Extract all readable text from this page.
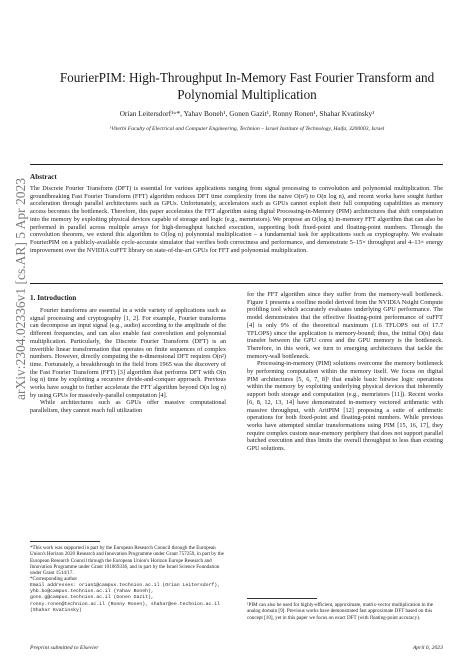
arXiv:2304.02336v1 [cs.AR] 5 Apr 2023
FourierPIM: High-Throughput In-Memory Fast Fourier Transform and Polynomial Multiplication
Orian Leitersdorf¹ʷ*, Yahav Boneh¹, Gonen Gazit¹, Ronny Ronen¹, Shahar Kvatinsky¹
¹Viterbi Faculty of Electrical and Computer Engineering, Technion – Israel Institute of Technology, Haifa, 3200003, Israel
Abstract
The Discrete Fourier Transform (DFT) is essential for various applications ranging from signal processing to convolution and polynomial multiplication. The groundbreaking Fast Fourier Transform (FFT) algorithm reduces DFT time complexity from the naive O(n²) to O(n log n), and recent works have sought further acceleration through parallel architectures such as GPUs. Unfortunately, accelerators such as GPUs cannot exploit their full computing capabilities as memory access becomes the bottleneck. Therefore, this paper accelerates the FFT algorithm using digital Processing-in-Memory (PIM) architectures that shift computation into the memory by exploiting physical devices capable of storage and logic (e.g., memristors). We propose an O(log n) in-memory FFT algorithm that can also be performed in parallel across multiple arrays for high-throughput batched execution, supporting both fixed-point and floating-point numbers. Through the convolution theorem, we extend this algorithm to O(log n) polynomial multiplication – a fundamental task for applications such as cryptography. We evaluate FourierPIM on a publicly-available cycle-accurate simulator that verifies both correctness and performance, and demonstrate 5–15× throughput and 4–13× energy improvement over the NVIDIA cuFFT library on state-of-the-art GPUs for FFT and polynomial multiplication.
1. Introduction

Fourier transforms are essential in a wide variety of applications such as signal processing and cryptography [1, 2]. For example, Fourier transforms can decompose an input signal (e.g., audio) according to the amplitude of the different frequencies, and can also enable fast convolution and polynomial multiplication. Particularly, the Discrete Fourier Transform (DFT) is an invertible linear transformation that operates on finite sequences of complex numbers. However, directly computing the n-dimensional DFT requires O(n²) time. Fortunately, a breakthrough in the field from 1965 was the discovery of the Fast Fourier Transform (FFT) [3] algorithm that performs DFT with O(n log n) time by exploiting a recursive divide-and-conquer approach. Previous works have sought to further accelerate the FFT algorithm beyond O(n log n) by using GPUs for massively-parallel computation [4].

While architectures such as GPUs offer massive computational parallelism, they cannot reach full utilization

*This work was supported in part by the European Research Council through the European Union's Horizon 2020 Research and Innovation Programme under Grant 757259, in part by the European Research Council through the European Union's Horizon Europe Research and Innovation Programme under Grant 101069336, and in part by the Israel Science Foundation under Grant 1514/17.

*Corresponding author

Email addresses: orian1@campus.technion.ac.il (Orian Leitersdorf), yhb.bo@campus.technion.ac.il (Yahav Boneh), gonn.g@campus.technion.ac.il (Gonen Gazit), ronny.ronen@technion.ac.il (Ronny Ronen), shahar@ee.technion.ac.il (Shahar Kvatinsky)

for the FFT algorithm since they suffer from the memory-wall bottleneck. Figure 1 presents a roofline model derived from the NVIDIA Nsight Compute profiling tool which accurately evaluates underlying GPU performance. The model demonstrates that the effective floating-point performance of cuFFT [4] is only 9% of the theoretical maximum (1.6 TFLOPS out of 17.7 TFLOPS) since the application is memory-bound; thus, the initial O(n) data transfer between the GPU cores and the GPU memory is the bottleneck. Therefore, in this work, we turn to emerging architectures that tackle the memory-wall bottleneck.

Processing-in-memory (PIM) solutions overcome the memory bottleneck by performing computation within the memory itself. We focus on digital PIM architectures [5, 6, 7, 8]¹ that enable basic bitwise logic operations within the memory by exploiting underlying physical devices that inherently support both storage and computation (e.g., memristors [11]). Recent works [6, 8, 12, 13, 14] have demonstrated in-memory vectored arithmetic with massive throughput, with AritPIM [12] proposing a suite of arithmetic operations for both fixed-point and floating-point numbers. While previous works have attempted similar transformations using PIM [15, 16, 17], they require complex custom near-memory periphery that does not support parallel batched execution and thus limits the overall throughput to less than existing GPU solutions.

¹PIM can also be used for highly-efficient, approximate, matrix-vector multiplication in the analog domain [9]. Previous works have demonstrated fast approximate DFT based on this concept [10], yet in this paper we focus on exact DFT (with floating-point accuracy).
Preprint submitted to Elsevier	April 6, 2023
